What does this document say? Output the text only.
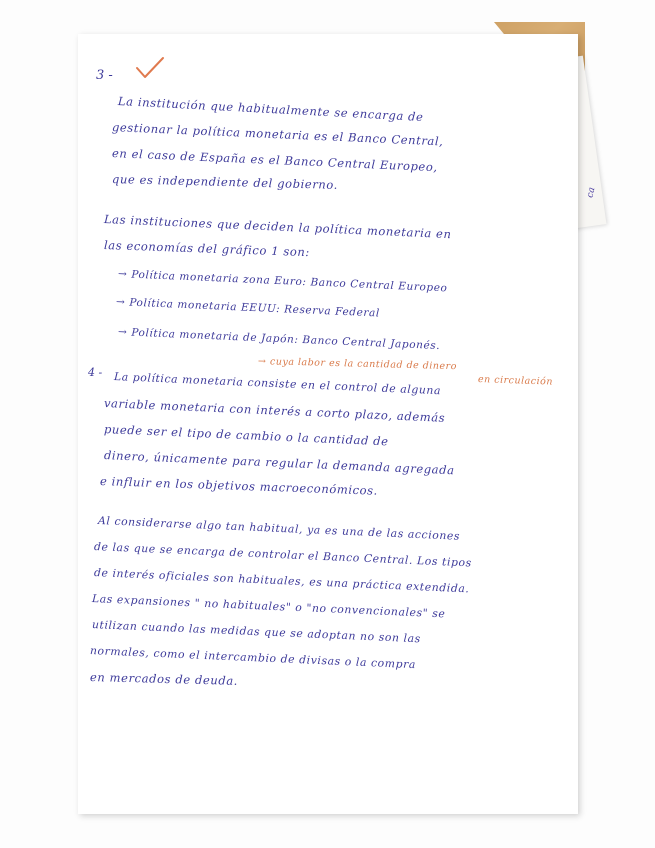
ca
3 -
La institución que habitualmente se encarga de
gestionar la política monetaria es el Banco Central,
en el caso de España es el Banco Central Europeo,
que es independiente del gobierno.
Las instituciones que deciden la política monetaria en
las economías del gráfico 1 son:
→ Política monetaria zona Euro: Banco Central Europeo
→ Política monetaria EEUU: Reserva Federal
→ Política monetaria de Japón: Banco Central Japonés.
→ cuya labor es la cantidad de dinero
en circulación
4 - La política monetaria consiste en el control de alguna
variable monetaria con interés a corto plazo, además
puede ser el tipo de cambio o la cantidad de
dinero, únicamente para regular la demanda agregada
e influir en los objetivos macroeconómicos.
Al considerarse algo tan habitual, ya es una de las acciones
de las que se encarga de controlar el Banco Central. Los tipos
de interés oficiales son habituales, es una práctica extendida.
Las expansiones " no habituales" o "no convencionales" se
utilizan cuando las medidas que se adoptan no son las
normales, como el intercambio de divisas o la compra
en mercados de deuda.
